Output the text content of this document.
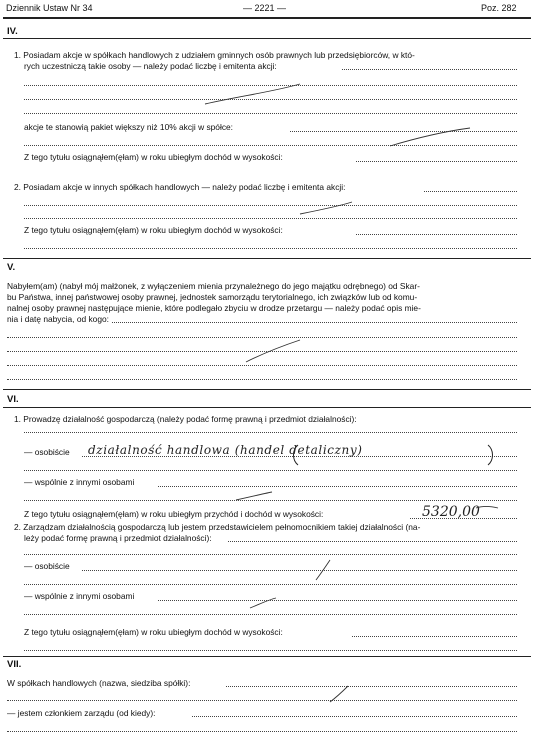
Dziennik Ustaw Nr 34	— 2221 —	Poz. 282
IV.
1. Posiadam akcje w spółkach handlowych z udziałem gminnych osób prawnych lub przedsiębiorców, w któ-
rych uczestniczą takie osoby — należy podać liczbę i emitenta akcji:
akcje te stanowią pakiet większy niż 10% akcji w spółce:
Z tego tytułu osiągnąłem(ęłam) w roku ubiegłym dochód w wysokości:
2. Posiadam akcje w innych spółkach handlowych — należy podać liczbę i emitenta akcji:
Z tego tytułu osiągnąłem(ęłam) w roku ubiegłym dochód w wysokości:
V.
Nabyłem(am) (nabył mój małżonek, z wyłączeniem mienia przynależnego do jego majątku odrębnego) od Skar-
bu Państwa, innej państwowej osoby prawnej, jednostek samorządu terytorialnego, ich związków lub od komu-
nalnej osoby prawnej następujące mienie, które podlegało zbyciu w drodze przetargu — należy podać opis mie-
nia i datę nabycia, od kogo:
VI.
1. Prowadzę działalność gospodarczą (należy podać formę prawną i przedmiot działalności):
— osobiście działalność handlowa (handel detaliczny)
— wspólnie z innymi osobami
Z tego tytułu osiągnąłem(ęłam) w roku ubiegłym przychód i dochód w wysokości:	5320,00
2. Zarządzam działalnością gospodarczą lub jestem przedstawicielem pełnomocnikiem takiej działalności (na-
leży podać formę prawną i przedmiot działalności):
— osobiście
— wspólnie z innymi osobami
Z tego tytułu osiągnąłem(ęłam) w roku ubiegłym dochód w wysokości:
VII.
W spółkach handlowych (nazwa, siedziba spółki):
— jestem członkiem zarządu (od kiedy):
